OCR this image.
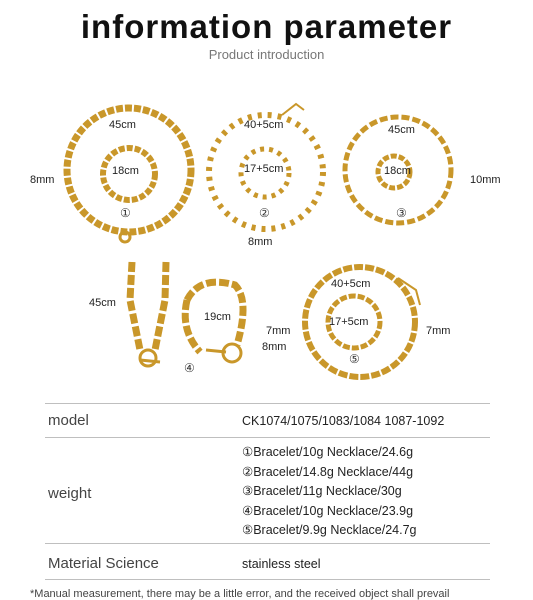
information parameter
Product introduction
45cm
18cm
8mm
①
40+5cm
17+5cm
②
8mm
45cm
18cm
10mm
③
45cm
19cm
7mm
8mm
④
40+5cm
17+5cm
7mm
⑤
model	CK1074/1075/1083/1084 1087-1092
weight
①Bracelet/10g Necklace/24.6g
②Bracelet/14.8g Necklace/44g
③Bracelet/11g Necklace/30g
④Bracelet/10g Necklace/23.9g
⑤Bracelet/9.9g Necklace/24.7g
Material Science	stainless steel
*Manual measurement, there may be a little error, and the received object shall prevail
